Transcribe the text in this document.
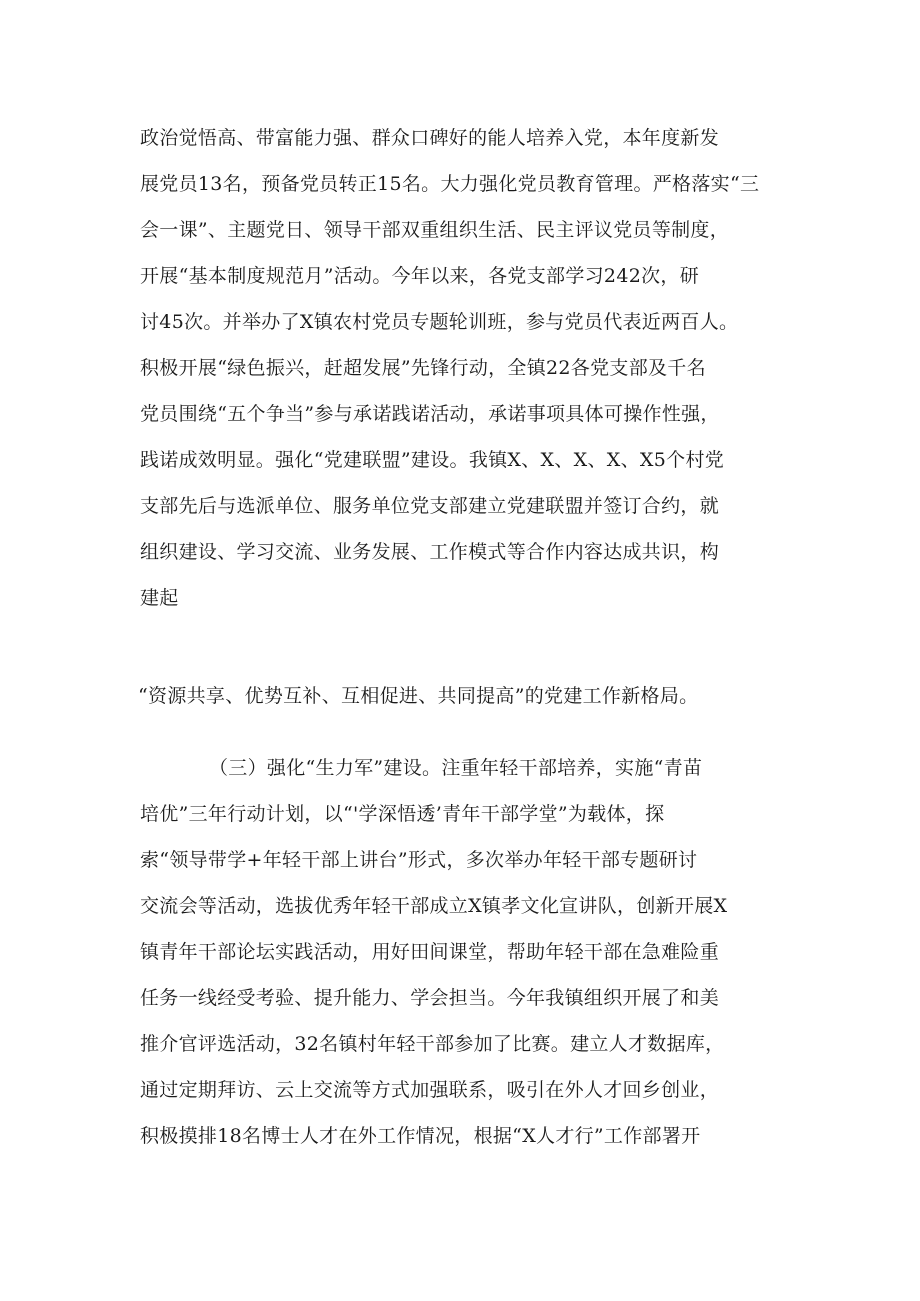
政治觉悟高、带富能力强、群众口碑好的能人培养入党，本年度新发
展党员13名，预备党员转正15名。大力强化党员教育管理。严格落实“三
会一课”、主题党日、领导干部双重组织生活、民主评议党员等制度，
开展“基本制度规范月”活动。今年以来，各党支部学习242次，研
讨45次。并举办了X镇农村党员专题轮训班，参与党员代表近两百人。
积极开展“绿色振兴，赶超发展”先锋行动，全镇22各党支部及千名
党员围绕“五个争当”参与承诺践诺活动，承诺事项具体可操作性强，
践诺成效明显。强化“党建联盟”建设。我镇X、X、X、X、X5个村党
支部先后与选派单位、服务单位党支部建立党建联盟并签订合约，就
组织建设、学习交流、业务发展、工作模式等合作内容达成共识，构
建起
“资源共享、优势互补、互相促进、共同提高”的党建工作新格局。
（三）强化“生力军”建设。注重年轻干部培养，实施“青苗
培优”三年行动计划，以“'学深悟透’青年干部学堂”为载体，探
索“领导带学+年轻干部上讲台”形式，多次举办年轻干部专题研讨
交流会等活动，选拔优秀年轻干部成立X镇孝文化宣讲队，创新开展X
镇青年干部论坛实践活动，用好田间课堂，帮助年轻干部在急难险重
任务一线经受考验、提升能力、学会担当。今年我镇组织开展了和美
推介官评选活动，32名镇村年轻干部参加了比赛。建立人才数据库，
通过定期拜访、云上交流等方式加强联系，吸引在外人才回乡创业，
积极摸排18名博士人才在外工作情况，根据“X人才行”工作部署开
